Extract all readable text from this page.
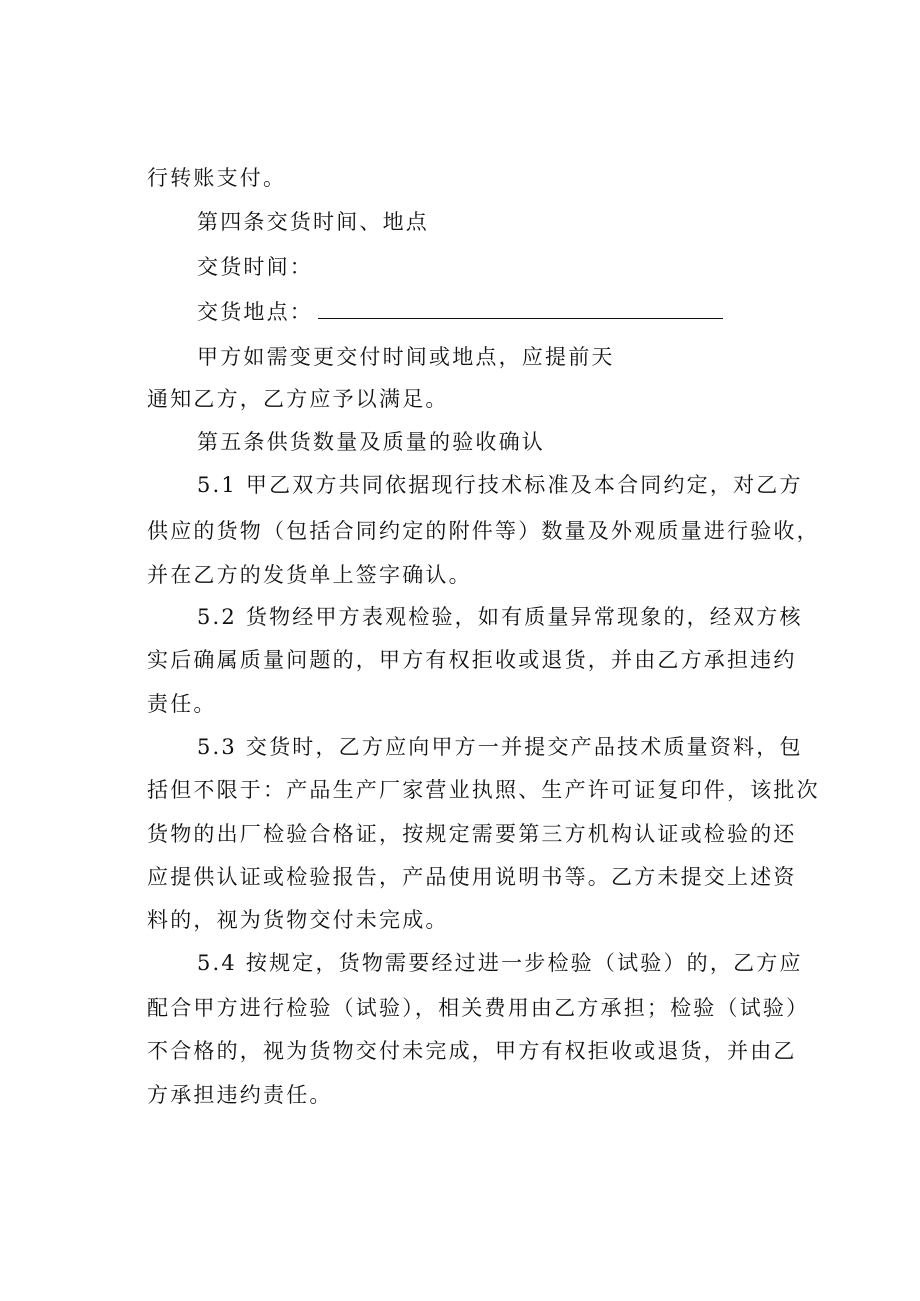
行转账支付。
第四条交货时间、地点
交货时间：
交货地点：
甲方如需变更交付时间或地点，应提前天
通知乙方，乙方应予以满足。
第五条供货数量及质量的验收确认
5.1 甲乙双方共同依据现行技术标准及本合同约定，对乙方
供应的货物（包括合同约定的附件等）数量及外观质量进行验收，
并在乙方的发货单上签字确认。
5.2 货物经甲方表观检验，如有质量异常现象的，经双方核
实后确属质量问题的，甲方有权拒收或退货，并由乙方承担违约
责任。
5.3 交货时，乙方应向甲方一并提交产品技术质量资料，包
括但不限于：产品生产厂家营业执照、生产许可证复印件，该批次
货物的出厂检验合格证，按规定需要第三方机构认证或检验的还
应提供认证或检验报告，产品使用说明书等。乙方未提交上述资
料的，视为货物交付未完成。
5.4 按规定，货物需要经过进一步检验（试验）的，乙方应
配合甲方进行检验（试验），相关费用由乙方承担；检验（试验）
不合格的，视为货物交付未完成，甲方有权拒收或退货，并由乙
方承担违约责任。
